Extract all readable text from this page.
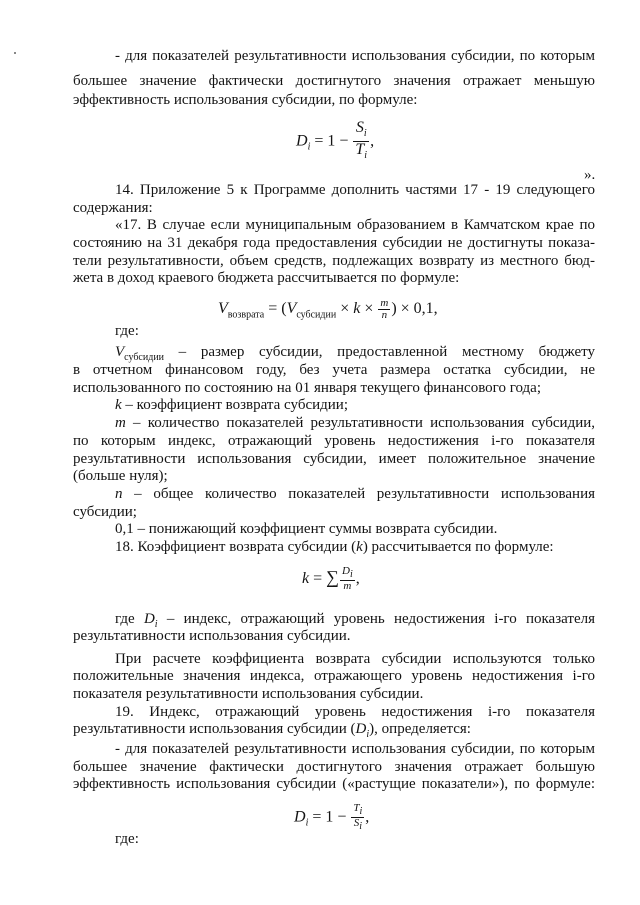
- для показателей результативности использования субсидии, по которым
большее значение фактически достигнутого значения отражает меньшую
эффективность использования субсидии, по формуле:
$D_i = 1 - \frac{S_i}{T_i}$ ,
».
14. Приложение 5 к Программе дополнить частями 17 - 19 следующего
содержания:
«17. В случае если муниципальным образованием в Камчатском крае по
состоянию на 31 декабря года предоставления субсидии не достигнуты показа-
тели результативности, объем средств, подлежащих возврату из местного бюд-
жета в доход краевого бюджета рассчитывается по формуле:
$V_{возврата} = (V_{субсидии} \times k \times \frac{m}{n}$ ) × 0,1,
где:
$V_{субсидии}$ – размер субсидии, предоставленной местному бюджету
в отчетном финансовом году, без учета размера остатка субсидии, не
использованного по состоянию на 01 января текущего финансового года;
k – коэффициент возврата субсидии;
m – количество показателей результативности использования субсидии,
по которым индекс, отражающий уровень недостижения i-го показателя
результативности использования субсидии, имеет положительное значение
(больше нуля);
n – общее количество показателей результативности использования
субсидии;
0,1 – понижающий коэффициент суммы возврата субсидии.
18. Коэффициент возврата субсидии (k) рассчитывается по формуле:
k = ∑ $\frac{D_i}{m}$ ,
где $D_i$ – индекс, отражающий уровень недостижения i-го показателя
результативности использования субсидии.
При расчете коэффициента возврата субсидии используются только
положительные значения индекса, отражающего уровень недостижения i-го
показателя результативности использования субсидии.
19. Индекс, отражающий уровень недостижения i-го показателя
результативности использования субсидии $(D_i)$, определяется:
- для показателей результативности использования субсидии, по которым
большее значение фактически достигнутого значения отражает большую
эффективность использования субсидии («растущие показатели»), по формуле:
$D_i = 1 - \frac{T_i}{S_i}$ ,
где:
